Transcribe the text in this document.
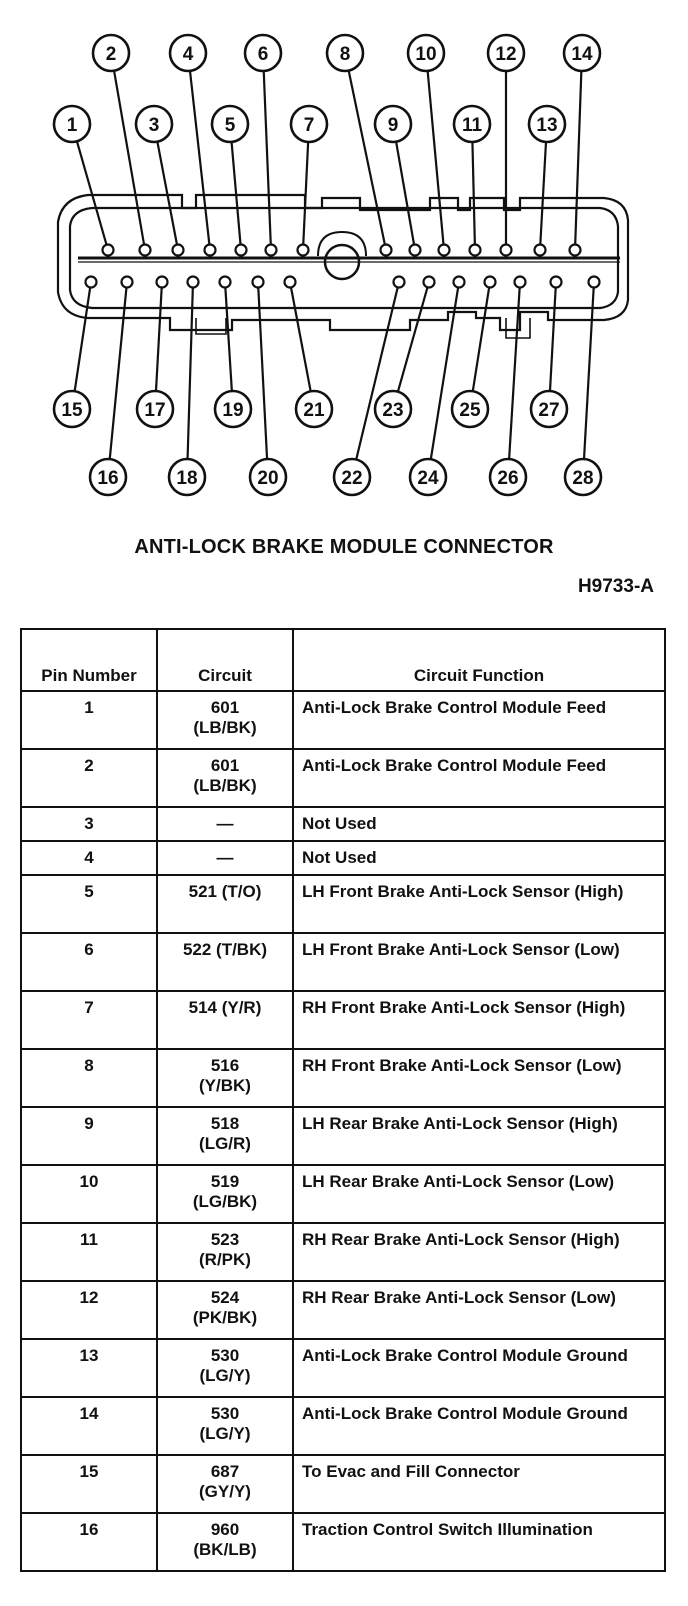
1
2
3
4
5
6
7
8
9
10
11
12
13
14
15
16
17
18
19
20
21
22
23
24
25
26
27
28
ANTI-LOCK BRAKE MODULE CONNECTOR
H9733-A
Pin Number	Circuit	Circuit Function
1	601
(LB/BK)	Anti-Lock Brake Control Module Feed
2	601
(LB/BK)	Anti-Lock Brake Control Module Feed
3	—	Not Used
4	—	Not Used
5	521 (T/O)	LH Front Brake Anti-Lock Sensor (High)
6	522 (T/BK)	LH Front Brake Anti-Lock Sensor (Low)
7	514 (Y/R)	RH Front Brake Anti-Lock Sensor (High)
8	516
(Y/BK)	RH Front Brake Anti-Lock Sensor (Low)
9	518
(LG/R)	LH Rear Brake Anti-Lock Sensor (High)
10	519
(LG/BK)	LH Rear Brake Anti-Lock Sensor (Low)
11	523
(R/PK)	RH Rear Brake Anti-Lock Sensor (High)
12	524
(PK/BK)	RH Rear Brake Anti-Lock Sensor (Low)
13	530
(LG/Y)	Anti-Lock Brake Control Module Ground
14	530
(LG/Y)	Anti-Lock Brake Control Module Ground
15	687
(GY/Y)	To Evac and Fill Connector
16	960
(BK/LB)	Traction Control Switch Illumination
